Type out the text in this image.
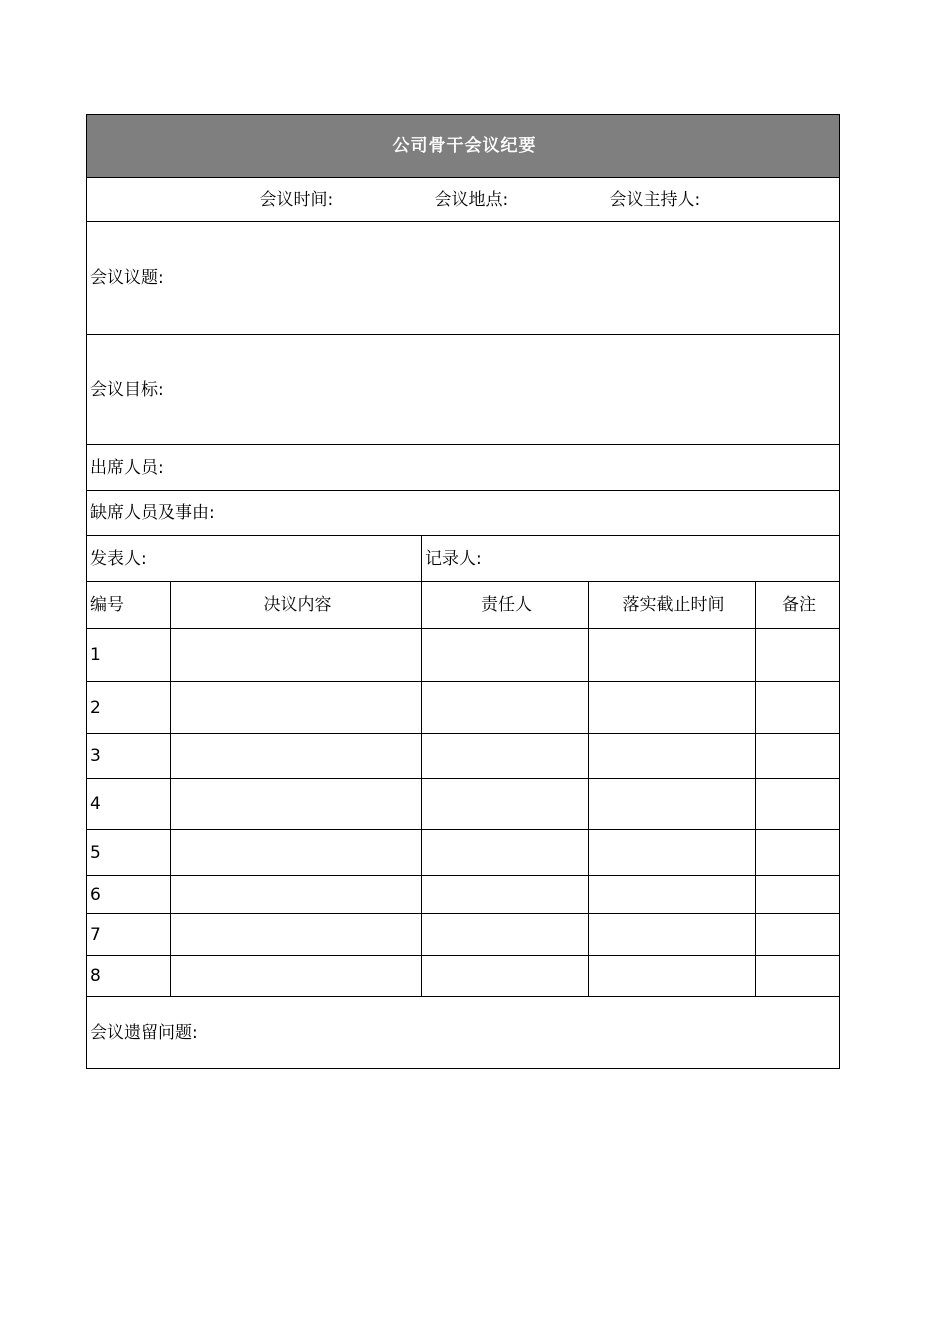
公司骨干会议纪要				

会议时间: 会议地点: 会议主持人:				

会议议题:				
会议目标:				
出席人员:				
缺席人员及事由:				
发表人:		记录人:		
编号	决议内容	责任人	落实截止时间	备注
1				
2				
3				
4				
5				
6				
7				
8				
会议遗留问题:				
